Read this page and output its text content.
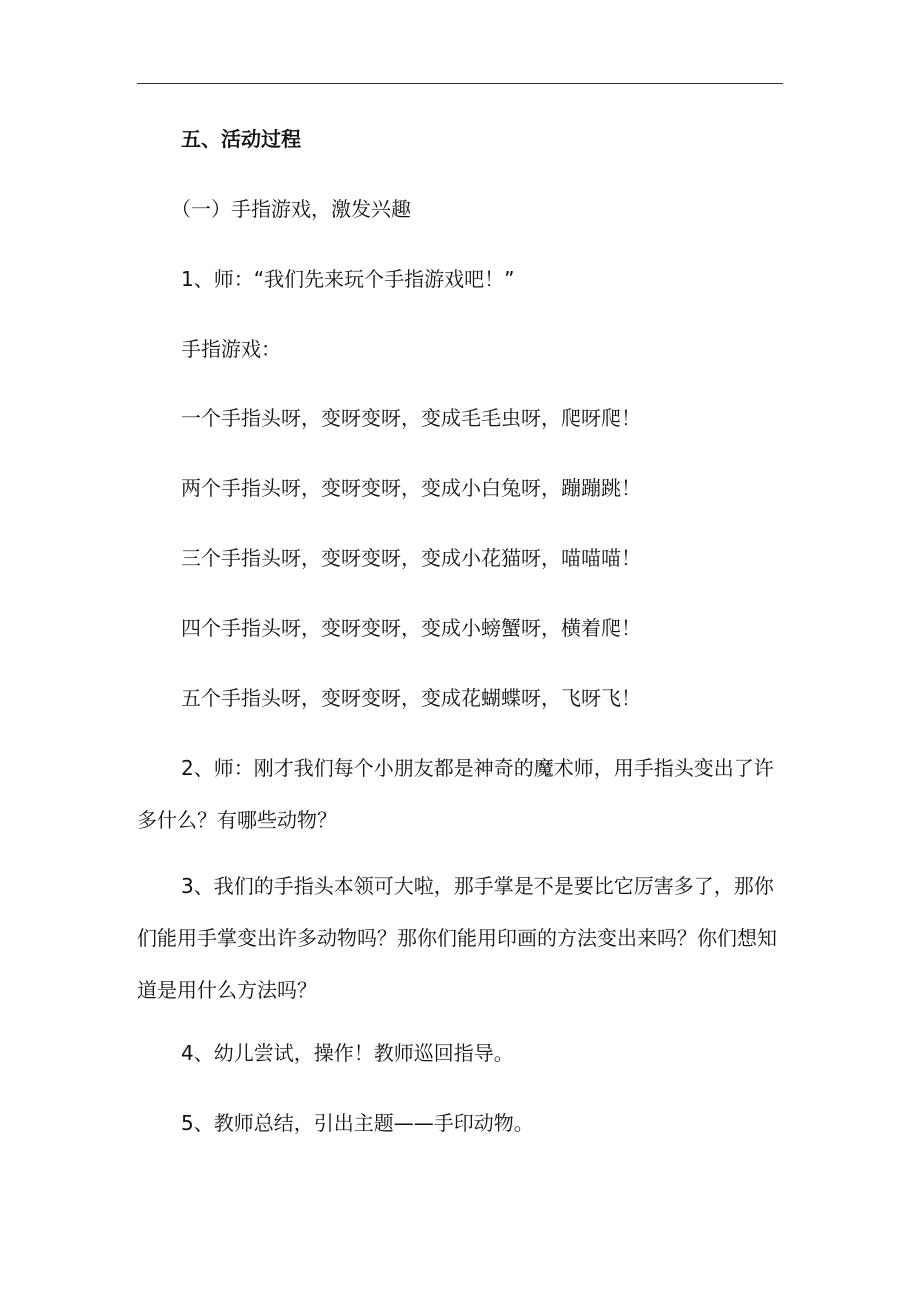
五、活动过程
（一）手指游戏，激发兴趣
1、师：“我们先来玩个手指游戏吧！”
手指游戏：
一个手指头呀，变呀变呀，变成毛毛虫呀，爬呀爬！
两个手指头呀，变呀变呀，变成小白兔呀，蹦蹦跳！
三个手指头呀，变呀变呀，变成小花猫呀，喵喵喵！
四个手指头呀，变呀变呀，变成小螃蟹呀，横着爬！
五个手指头呀，变呀变呀，变成花蝴蝶呀，飞呀飞！
2、师：刚才我们每个小朋友都是神奇的魔术师，用手指头变出了许多什么？有哪些动物？
3、我们的手指头本领可大啦，那手掌是不是要比它厉害多了，那你们能用手掌变出许多动物吗？那你们能用印画的方法变出来吗？你们想知道是用什么方法吗？
4、幼儿尝试，操作！教师巡回指导。
5、教师总结，引出主题——手印动物。
